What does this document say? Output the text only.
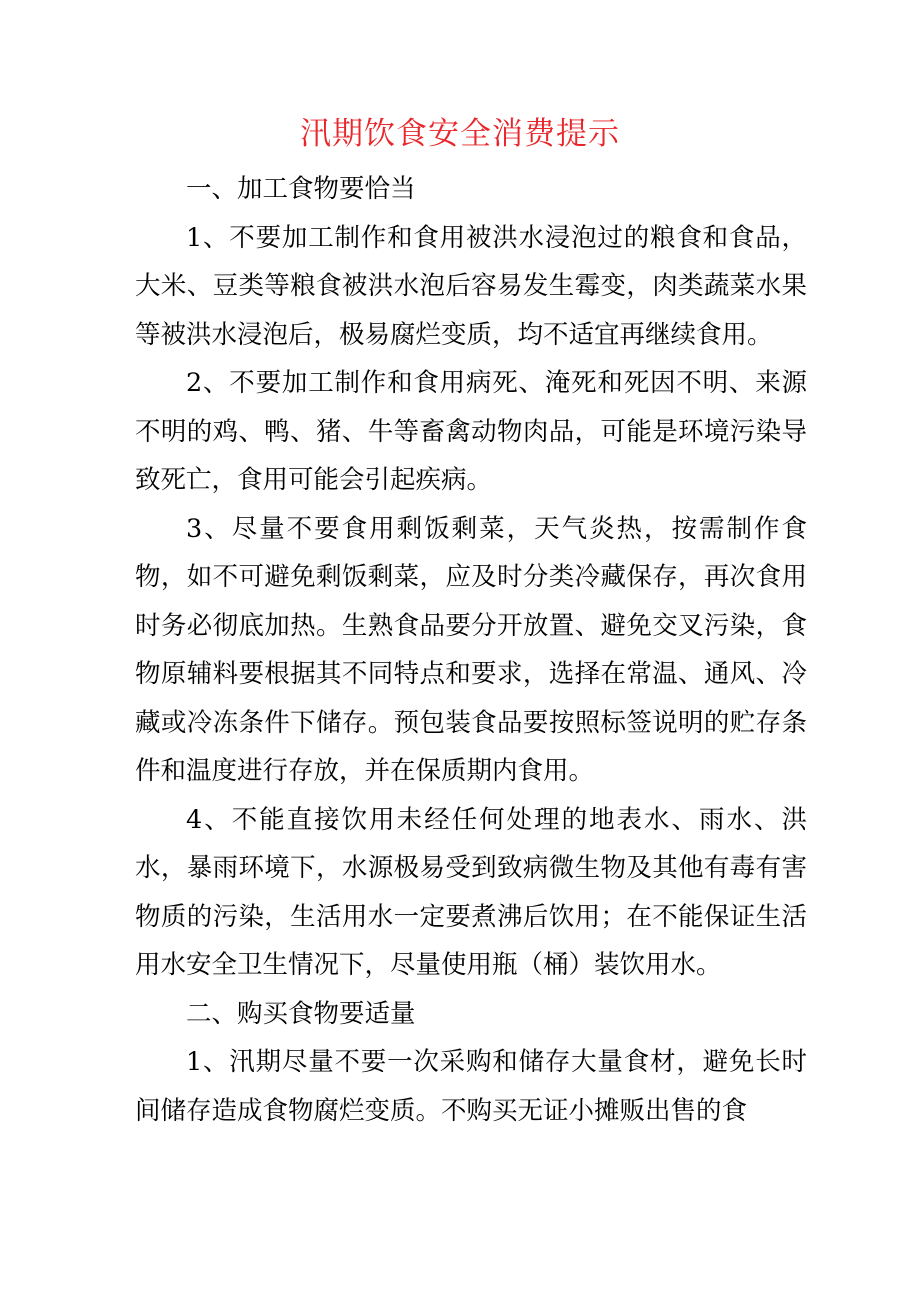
汛期饮食安全消费提示

一、加工食物要恰当

1、不要加工制作和食用被洪水浸泡过的粮食和食品，大米、豆类等粮食被洪水泡后容易发生霉变，肉类蔬菜水果等被洪水浸泡后，极易腐烂变质，均不适宜再继续食用。

2、不要加工制作和食用病死、淹死和死因不明、来源不明的鸡、鸭、猪、牛等畜禽动物肉品，可能是环境污染导致死亡，食用可能会引起疾病。

3、尽量不要食用剩饭剩菜，天气炎热，按需制作食物，如不可避免剩饭剩菜，应及时分类冷藏保存，再次食用时务必彻底加热。生熟食品要分开放置、避免交叉污染，食物原辅料要根据其不同特点和要求，选择在常温、通风、冷藏或冷冻条件下储存。预包装食品要按照标签说明的贮存条件和温度进行存放，并在保质期内食用。

4、不能直接饮用未经任何处理的地表水、雨水、洪水，暴雨环境下，水源极易受到致病微生物及其他有毒有害物质的污染，生活用水一定要煮沸后饮用；在不能保证生活用水安全卫生情况下，尽量使用瓶（桶）装饮用水。

二、购买食物要适量

1、汛期尽量不要一次采购和储存大量食材，避免长时间储存造成食物腐烂变质。不购买无证小摊贩出售的食
